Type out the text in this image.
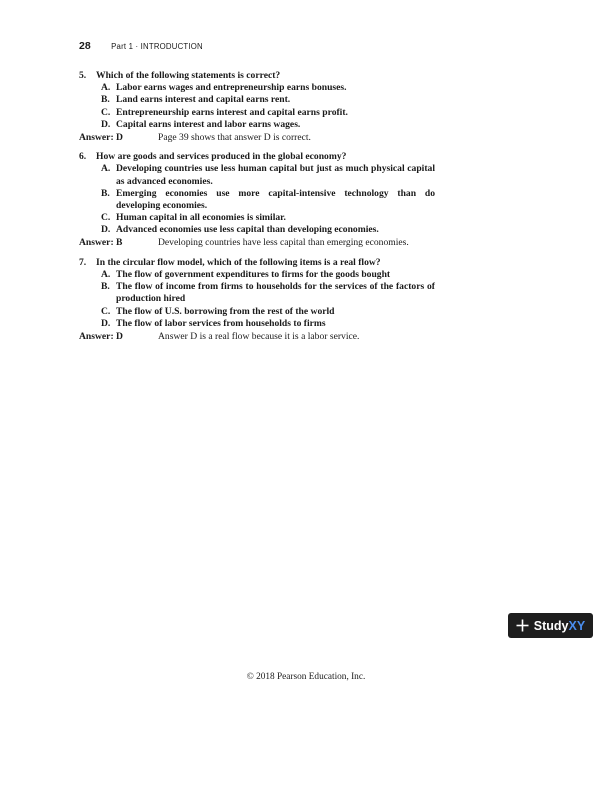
28	Part 1 · INTRODUCTION
5. Which of the following statements is correct?
A. Labor earns wages and entrepreneurship earns bonuses.
B. Land earns interest and capital earns rent.
C. Entrepreneurship earns interest and capital earns profit.
D. Capital earns interest and labor earns wages.
Answer: D	Page 39 shows that answer D is correct.
6. How are goods and services produced in the global economy?
A. Developing countries use less human capital but just as much physical capital as advanced economies.
B. Emerging economies use more capital-intensive technology than do developing economies.
C. Human capital in all economies is similar.
D. Advanced economies use less capital than developing economies.
Answer: B	Developing countries have less capital than emerging economies.
7. In the circular flow model, which of the following items is a real flow?
A. The flow of government expenditures to firms for the goods bought
B. The flow of income from firms to households for the services of the factors of production hired
C. The flow of U.S. borrowing from the rest of the world
D. The flow of labor services from households to firms
Answer: D	Answer D is a real flow because it is a labor service.
Study XY
© 2018 Pearson Education, Inc.
